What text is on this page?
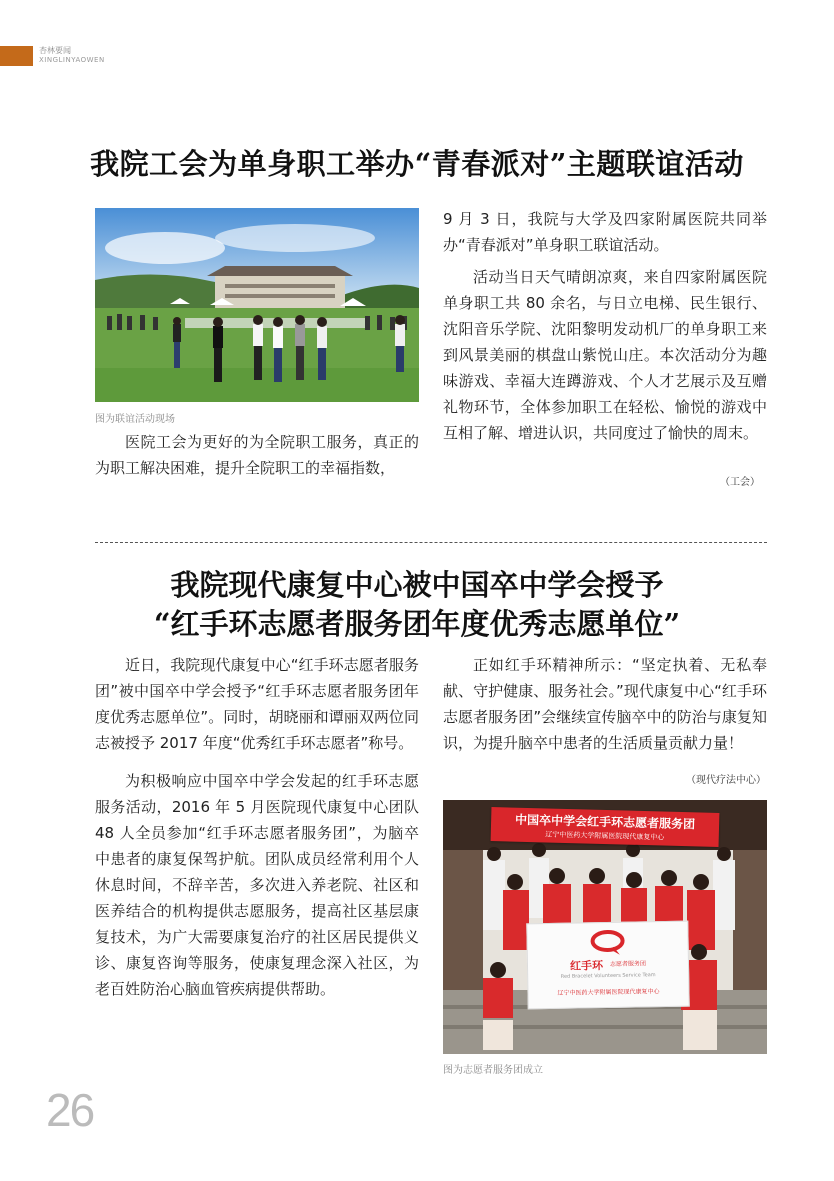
杏林要闻
XINGLINYAOWEN
我院工会为单身职工举办“青春派对”主题联谊活动
图为联谊活动现场

医院工会为更好的为全院职工服务，真正的为职工解决困难，提升全院职工的幸福指数，

9 月 3 日，我院与大学及四家附属医院共同举办“青春派对”单身职工联谊活动。

活动当日天气晴朗凉爽，来自四家附属医院单身职工共 80 余名，与日立电梯、民生银行、沈阳音乐学院、沈阳黎明发动机厂的单身职工来到风景美丽的棋盘山紫悦山庄。本次活动分为趣味游戏、幸福大连蹲游戏、个人才艺展示及互赠礼物环节，全体参加职工在轻松、愉悦的游戏中互相了解、增进认识，共同度过了愉快的周末。

（工会）
我院现代康复中心被中国卒中学会授予
“红手环志愿者服务团年度优秀志愿单位”

近日，我院现代康复中心“红手环志愿者服务团”被中国卒中学会授予“红手环志愿者服务团年度优秀志愿单位”。同时，胡晓丽和谭丽双两位同志被授予 2017 年度“优秀红手环志愿者”称号。

为积极响应中国卒中学会发起的红手环志愿服务活动，2016 年 5 月医院现代康复中心团队 48 人全员参加“红手环志愿者服务团”，为脑卒中患者的康复保驾护航。团队成员经常利用个人休息时间，不辞辛苦，多次进入养老院、社区和医养结合的机构提供志愿服务，提高社区基层康复技术，为广大需要康复治疗的社区居民提供义诊、康复咨询等服务，使康复理念深入社区，为老百姓防治心脑血管疾病提供帮助。

正如红手环精神所示：“坚定执着、无私奉献、守护健康、服务社会。”现代康复中心“红手环志愿者服务团”会继续宣传脑卒中的防治与康复知识，为提升脑卒中患者的生活质量贡献力量！

（现代疗法中心）
中国卒中学会红手环志愿者服务团
辽宁中医药大学附属医院现代康复中心
红手环 志愿者服务团
Red Bracelet Volunteers Service Team
辽宁中医药大学附属医院现代康复中心
图为志愿者服务团成立
26
